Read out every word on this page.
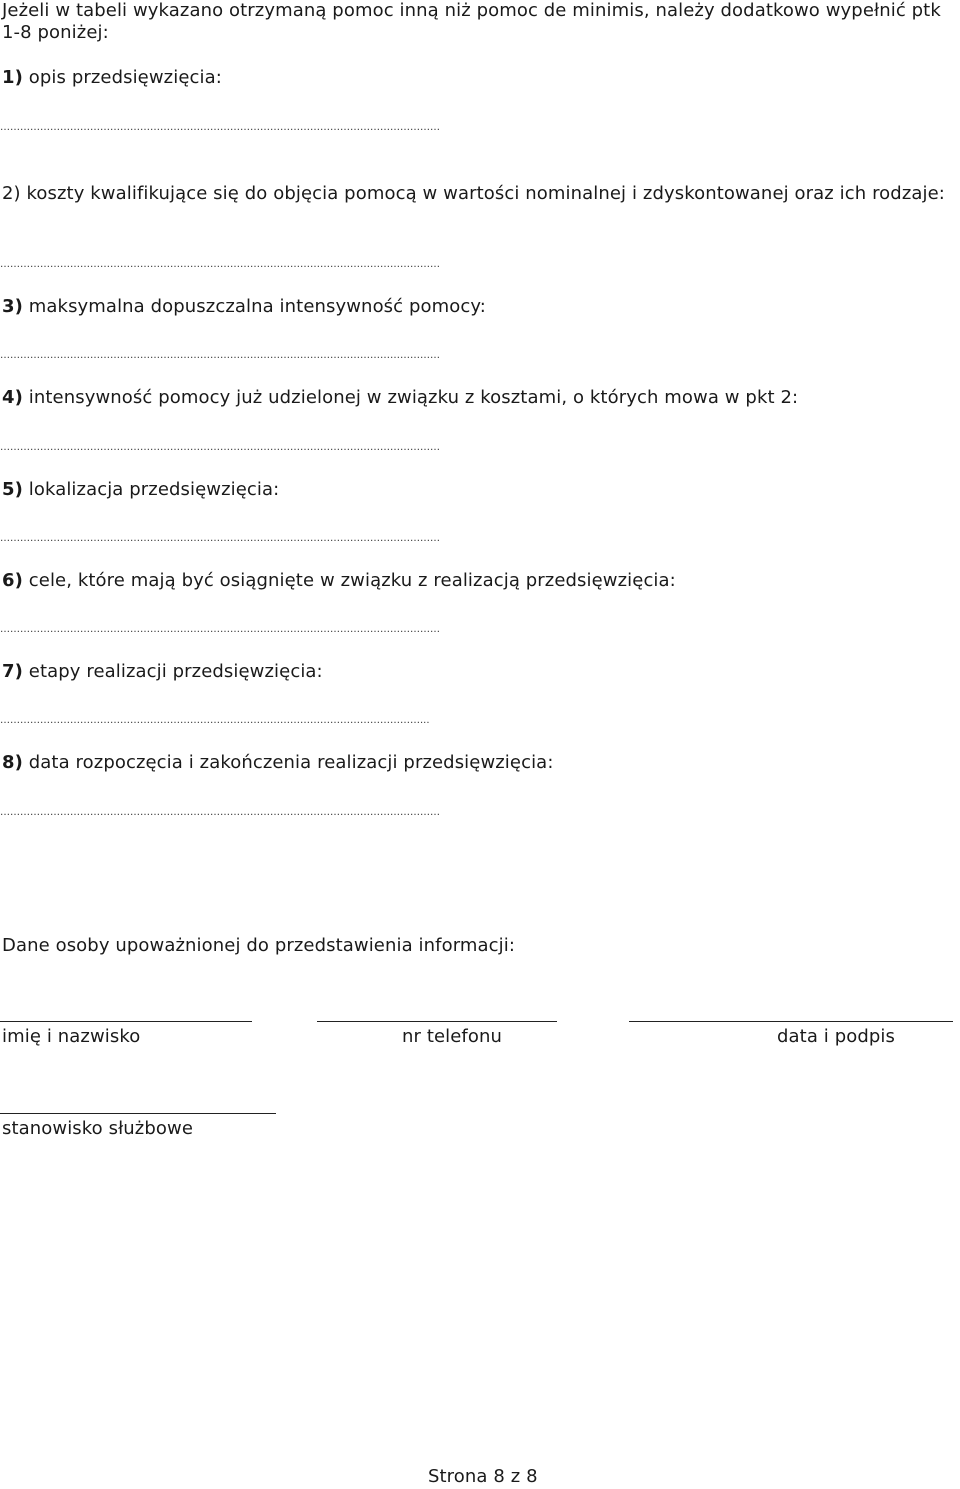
Jeżeli w tabeli wykazano otrzymaną pomoc inną niż pomoc de minimis, należy dodatkowo wypełnić ptk 1-8 poniżej:
1) opis przedsięwzięcia:
……………………………………………………………………………………………………………………
2) koszty kwalifikujące się do objęcia pomocą w wartości nominalnej i zdyskontowanej oraz ich rodzaje:
……………………………………………………………………………………………………………………
3) maksymalna dopuszczalna intensywność pomocy:
……………………………………………………………………………………………………………………
4) intensywność pomocy już udzielonej w związku z kosztami, o których mowa w pkt 2:
……………………………………………………………………………………………………………………
5) lokalizacja przedsięwzięcia:
……………………………………………………………………………………………………………………
6) cele, które mają być osiągnięte w związku z realizacją przedsięwzięcia:
……………………………………………………………………………………………………………………
7) etapy realizacji przedsięwzięcia:
………………………………………………………………………………………………………………...
8) data rozpoczęcia i zakończenia realizacji przedsięwzięcia:
……………………………………………………………………………………………………………………
Dane osoby upoważnionej do przedstawienia informacji:
imię i nazwisko	nr telefonu	data i podpis
stanowisko służbowe
Strona 8 z 8
